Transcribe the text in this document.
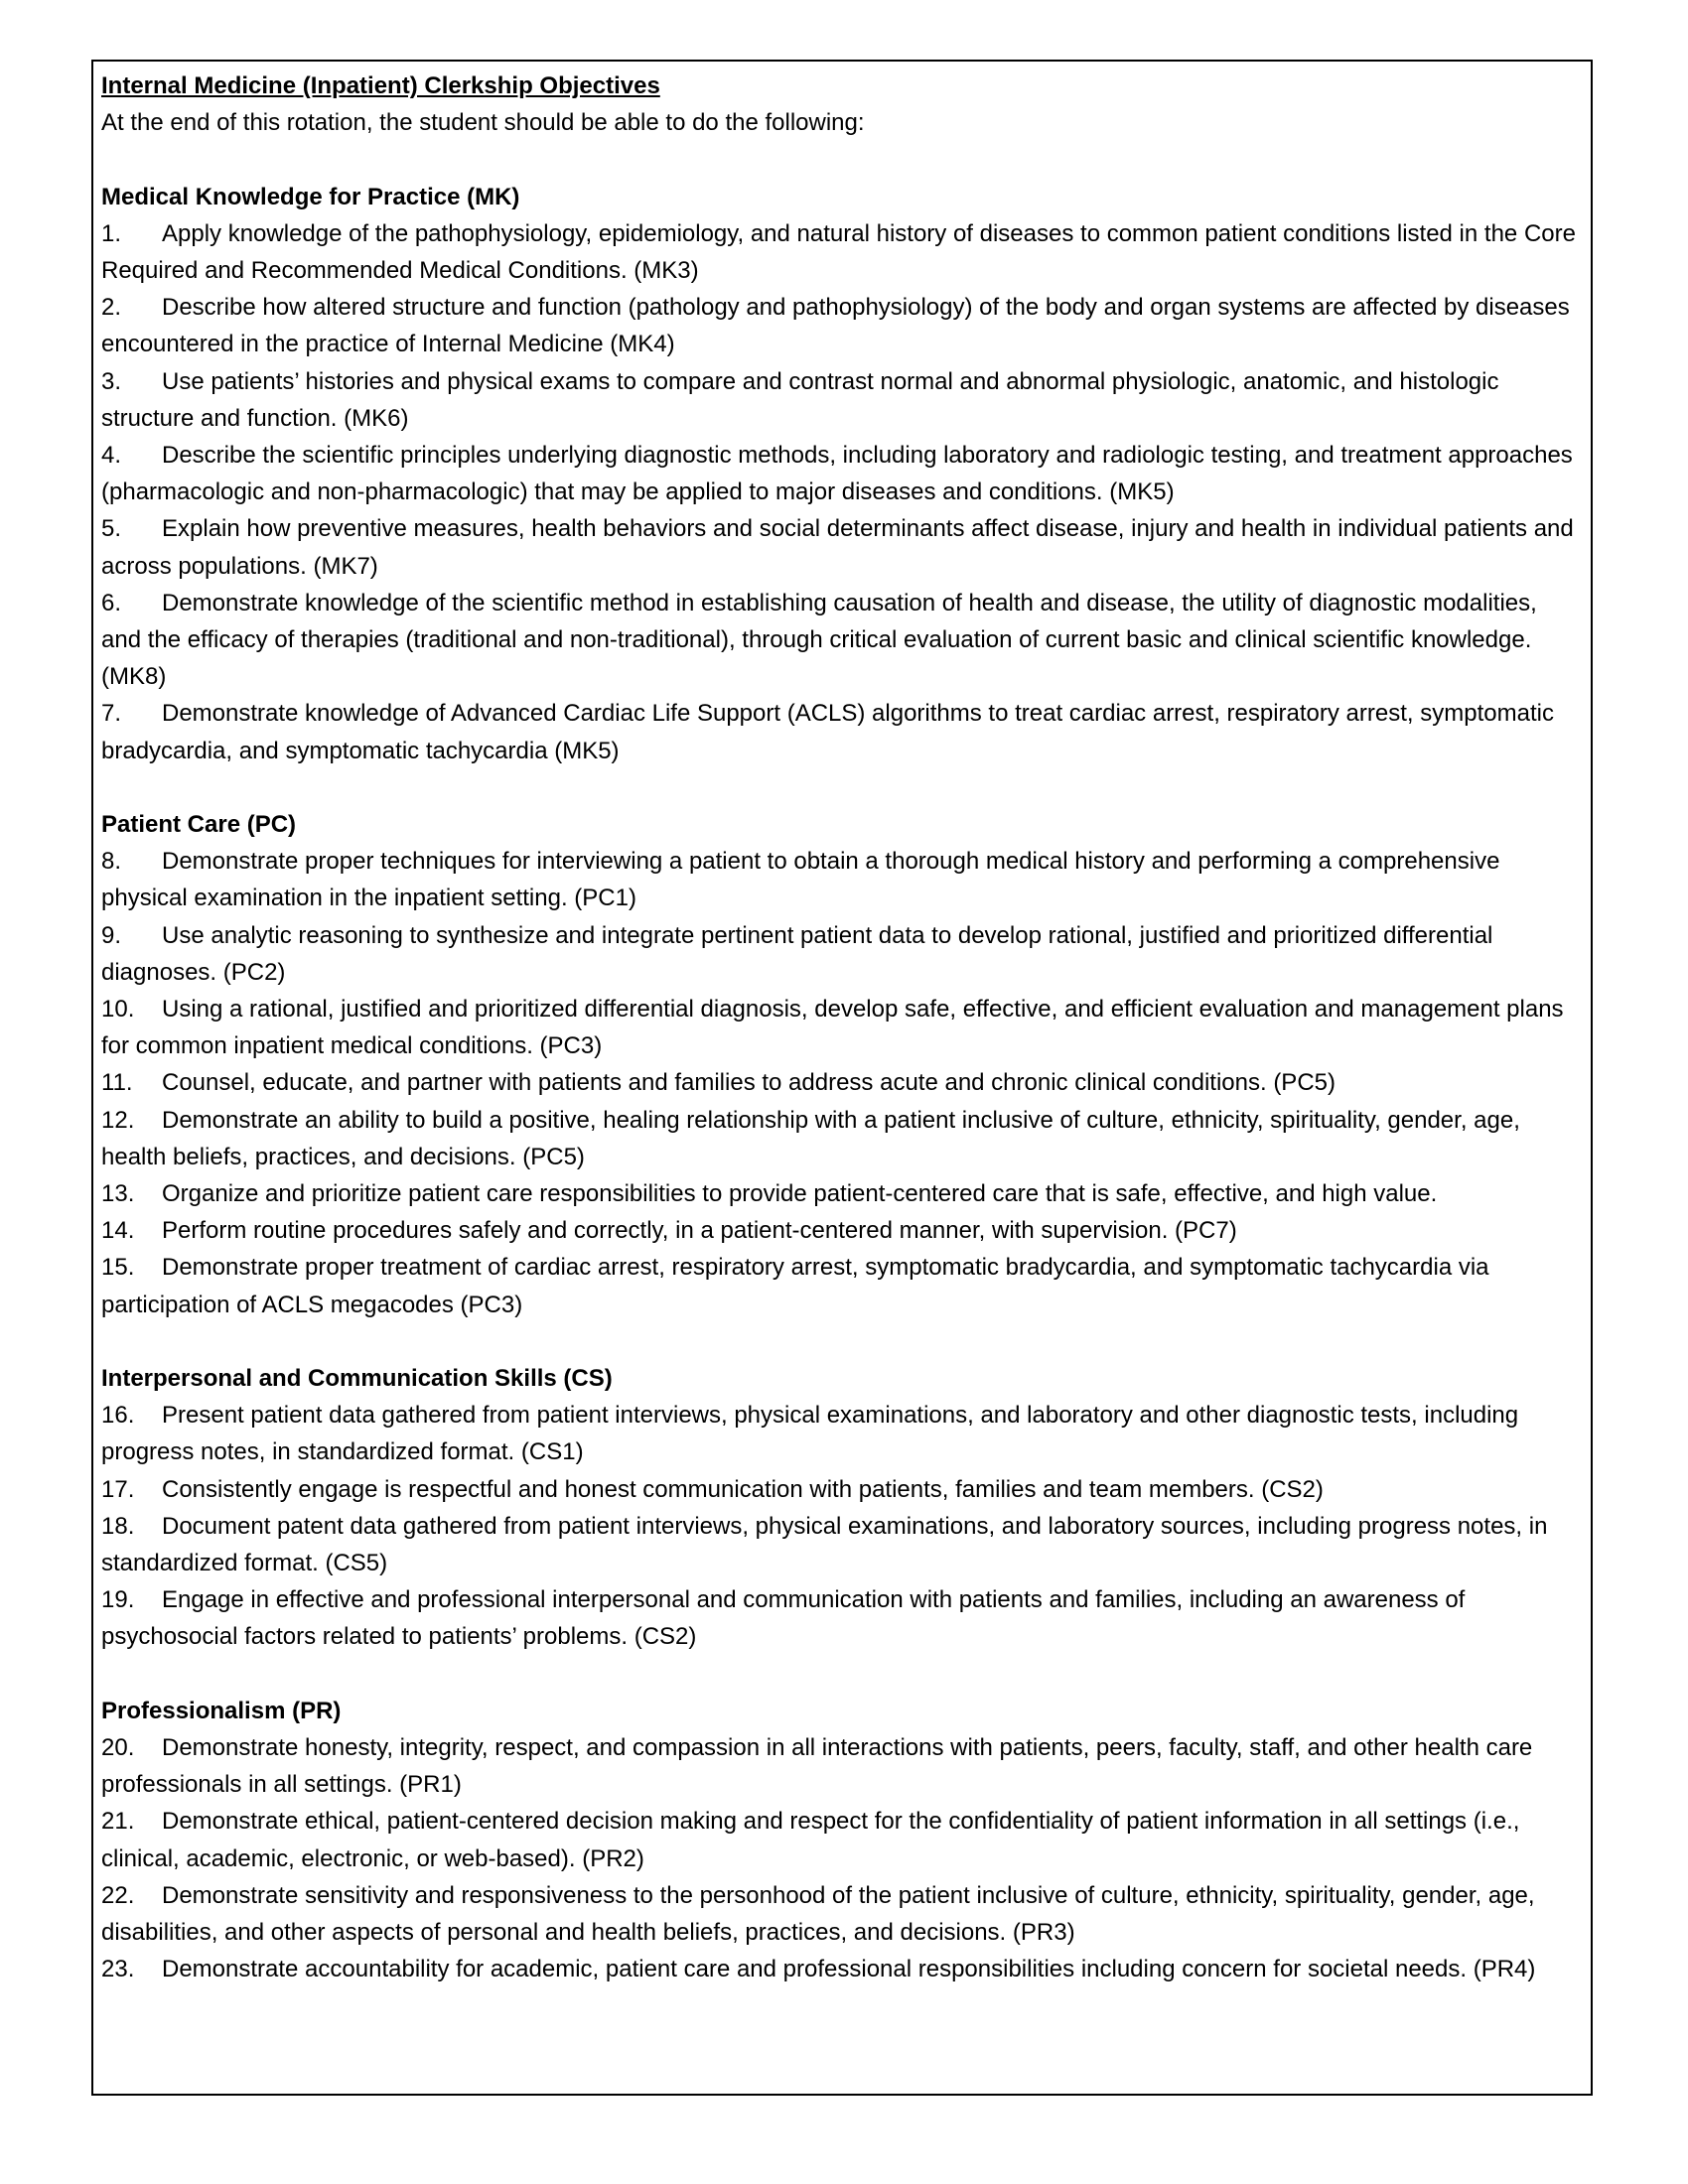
Internal Medicine (Inpatient) Clerkship Objectives
At the end of this rotation, the student should be able to do the following:
Medical Knowledge for Practice (MK)
1. Apply knowledge of the pathophysiology, epidemiology, and natural history of diseases to common patient conditions listed in the Core Required and Recommended Medical Conditions. (MK3)
2. Describe how altered structure and function (pathology and pathophysiology) of the body and organ systems are affected by diseases encountered in the practice of Internal Medicine (MK4)
3. Use patients’ histories and physical exams to compare and contrast normal and abnormal physiologic, anatomic, and histologic structure and function. (MK6)
4. Describe the scientific principles underlying diagnostic methods, including laboratory and radiologic testing, and treatment approaches (pharmacologic and non-pharmacologic) that may be applied to major diseases and conditions. (MK5)
5. Explain how preventive measures, health behaviors and social determinants affect disease, injury and health in individual patients and across populations. (MK7)
6. Demonstrate knowledge of the scientific method in establishing causation of health and disease, the utility of diagnostic modalities, and the efficacy of therapies (traditional and non-traditional), through critical evaluation of current basic and clinical scientific knowledge. (MK8)
7. Demonstrate knowledge of Advanced Cardiac Life Support (ACLS) algorithms to treat cardiac arrest, respiratory arrest, symptomatic bradycardia, and symptomatic tachycardia (MK5)
Patient Care (PC)
8. Demonstrate proper techniques for interviewing a patient to obtain a thorough medical history and performing a comprehensive physical examination in the inpatient setting. (PC1)
9. Use analytic reasoning to synthesize and integrate pertinent patient data to develop rational, justified and prioritized differential diagnoses. (PC2)
10. Using a rational, justified and prioritized differential diagnosis, develop safe, effective, and efficient evaluation and management plans for common inpatient medical conditions. (PC3)
11. Counsel, educate, and partner with patients and families to address acute and chronic clinical conditions. (PC5)
12. Demonstrate an ability to build a positive, healing relationship with a patient inclusive of culture, ethnicity, spirituality, gender, age, health beliefs, practices, and decisions. (PC5)
13. Organize and prioritize patient care responsibilities to provide patient-centered care that is safe, effective, and high value.
14. Perform routine procedures safely and correctly, in a patient-centered manner, with supervision. (PC7)
15. Demonstrate proper treatment of cardiac arrest, respiratory arrest, symptomatic bradycardia, and symptomatic tachycardia via participation of ACLS megacodes (PC3)
Interpersonal and Communication Skills (CS)
16. Present patient data gathered from patient interviews, physical examinations, and laboratory and other diagnostic tests, including progress notes, in standardized format. (CS1)
17. Consistently engage is respectful and honest communication with patients, families and team members. (CS2)
18. Document patent data gathered from patient interviews, physical examinations, and laboratory sources, including progress notes, in standardized format. (CS5)
19. Engage in effective and professional interpersonal and communication with patients and families, including an awareness of psychosocial factors related to patients’ problems. (CS2)
Professionalism (PR)
20. Demonstrate honesty, integrity, respect, and compassion in all interactions with patients, peers, faculty, staff, and other health care professionals in all settings. (PR1)
21. Demonstrate ethical, patient-centered decision making and respect for the confidentiality of patient information in all settings (i.e., clinical, academic, electronic, or web-based). (PR2)
22. Demonstrate sensitivity and responsiveness to the personhood of the patient inclusive of culture, ethnicity, spirituality, gender, age, disabilities, and other aspects of personal and health beliefs, practices, and decisions. (PR3)
23. Demonstrate accountability for academic, patient care and professional responsibilities including concern for societal needs. (PR4)
